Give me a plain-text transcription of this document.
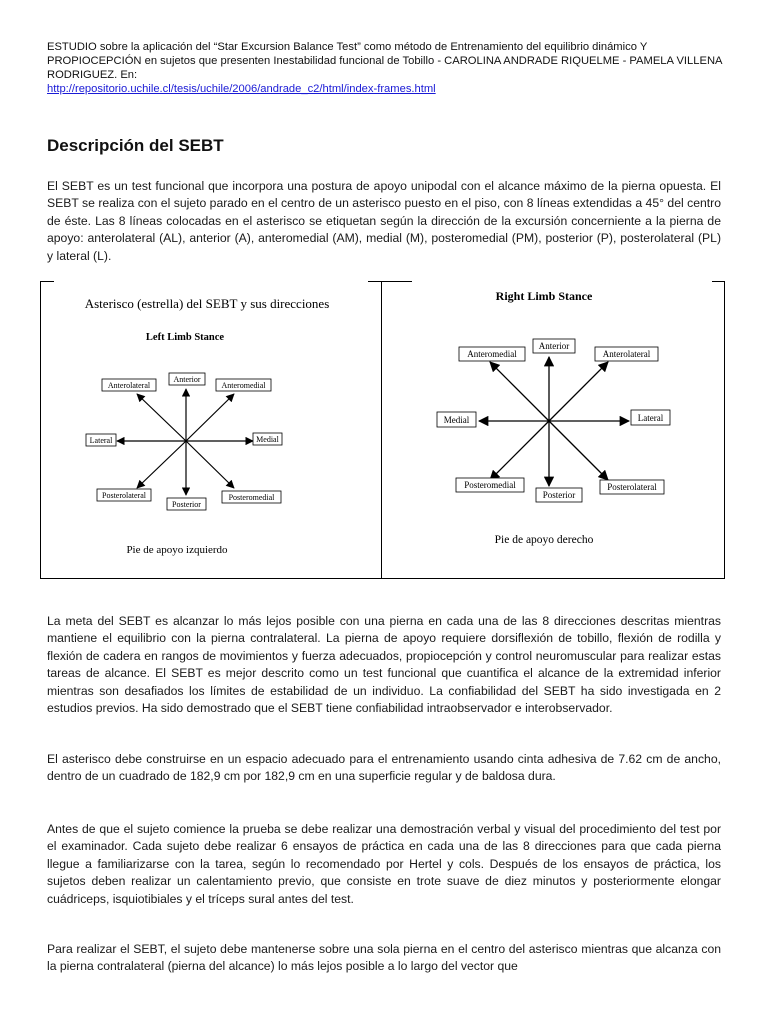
ESTUDIO sobre la aplicación del “Star Excursion Balance Test” como método de Entrenamiento del equilibrio dinámico Y PROPIOCEPCIÓN en sujetos que presenten Inestabilidad funcional de Tobillo - CAROLINA ANDRADE RIQUELME - PAMELA VILLENA RODRIGUEZ. En:
http://repositorio.uchile.cl/tesis/uchile/2006/andrade_c2/html/index-frames.html
Descripción del SEBT

El SEBT es un test funcional que incorpora una postura de apoyo unipodal con el alcance máximo de la pierna opuesta. El SEBT se realiza con el sujeto parado en el centro de un asterisco puesto en el piso, con 8 líneas extendidas a 45° del centro de éste. Las 8 líneas colocadas en el asterisco se etiquetan según la dirección de la excursión concerniente a la pierna de apoyo: anterolateral (AL), anterior (A), anteromedial (AM), medial (M), posteromedial (PM), posterior (P), posterolateral (PL) y lateral (L).

Asterisco (estrella) del SEBT y sus direcciones
Left Limb Stance
Anterior
Anterolateral	Anteromedial
Lateral	Medial
Posterolateral	Posteromedial
Posterior
Pie de apoyo izquierdo
Right Limb Stance
Anterior
Anteromedial	Anterolateral
Medial	Lateral
Posteromedial
Posterior
Posterolateral
Pie de apoyo derecho

La meta del SEBT es alcanzar lo más lejos posible con una pierna en cada una de las 8 direcciones descritas mientras mantiene el equilibrio con la pierna contralateral. La pierna de apoyo requiere dorsiflexión de tobillo, flexión de rodilla y flexión de cadera en rangos de movimientos y fuerza adecuados, propiocepción y control neuromuscular para realizar estas tareas de alcance. El SEBT es mejor descrito como un test funcional que cuantifica el alcance de la extremidad inferior mientras son desafiados los límites de estabilidad de un individuo. La confiabilidad del SEBT ha sido investigada en 2 estudios previos. Ha sido demostrado que el SEBT tiene confiabilidad intraobservador e interobservador.

El asterisco debe construirse en un espacio adecuado para el entrenamiento usando cinta adhesiva de 7.62 cm de ancho, dentro de un cuadrado de 182,9 cm por 182,9 cm en una superficie regular y de baldosa dura.

Antes de que el sujeto comience la prueba se debe realizar una demostración verbal y visual del procedimiento del test por el examinador. Cada sujeto debe realizar 6 ensayos de práctica en cada una de las 8 direcciones para que cada pierna llegue a familiarizarse con la tarea, según lo recomendado por Hertel y cols. Después de los ensayos de práctica, los sujetos deben realizar un calentamiento previo, que consiste en trote suave de diez minutos y posteriormente elongar cuádriceps, isquiotibiales y el tríceps sural antes del test.

Para realizar el SEBT, el sujeto debe mantenerse sobre una sola pierna en el centro del asterisco mientras que alcanza con la pierna contralateral (pierna del alcance) lo más lejos posible a lo largo del vector que
